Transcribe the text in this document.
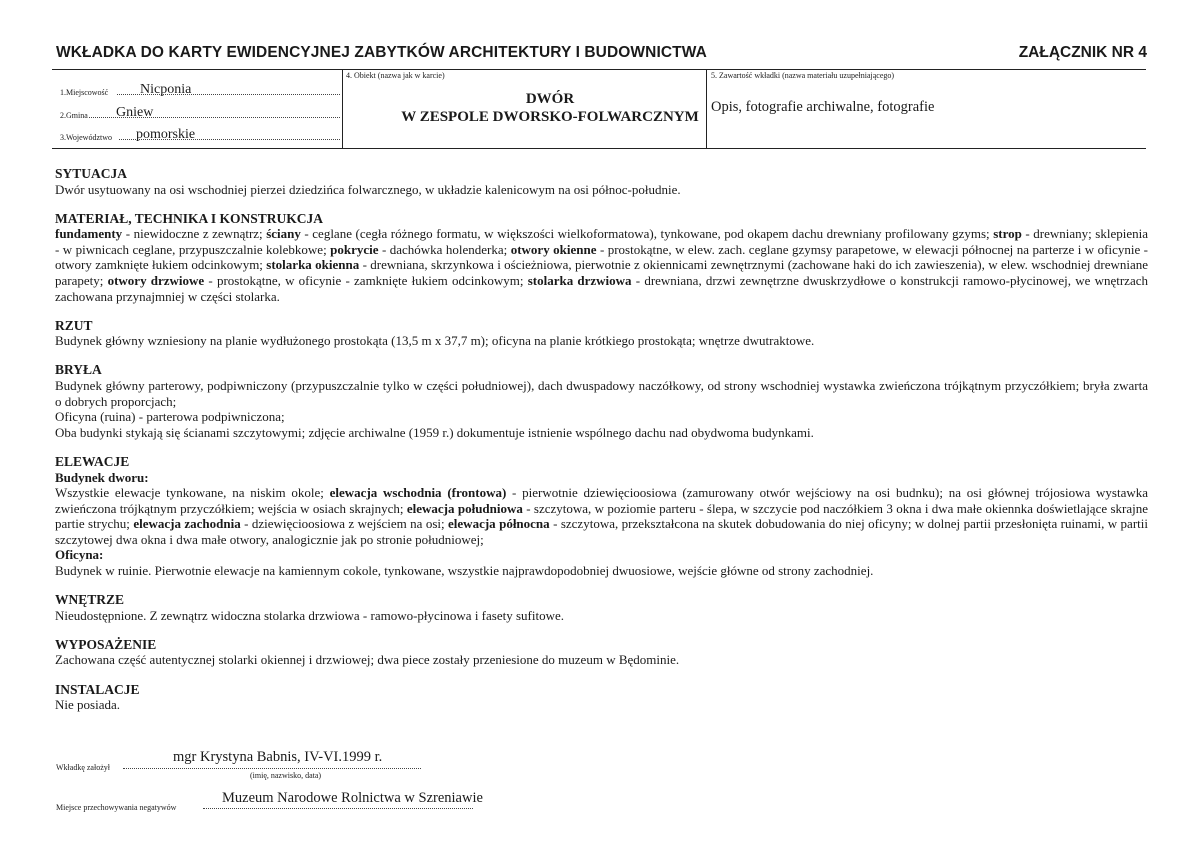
WKŁADKA DO KARTY EWIDENCYJNEJ ZABYTKÓW ARCHITEKTURY I BUDOWNICTWA	ZAŁĄCZNIK NR 4
1.Miejscowość Nicponia
2.Gmina Gniew
3.Województwo pomorskie
4. Obiekt (nazwa jak w karcie)
DWÓR
W ZESPOLE DWORSKO-FOLWARCZNYM
5. Zawartość wkładki (nazwa materiału uzupełniającego)
Opis, fotografie archiwalne, fotografie
SYTUACJA

Dwór usytuowany na osi wschodniej pierzei dziedzińca folwarcznego, w układzie kalenicowym na osi północ-południe.

MATERIAŁ, TECHNIKA I KONSTRUKCJA

fundamenty - niewidoczne z zewnątrz; ściany - ceglane (cegła różnego formatu, w większości wielkoformatowa), tynkowane, pod okapem dachu drewniany profilowany gzyms; strop - drewniany; sklepienia - w piwnicach ceglane, przypuszczalnie kolebkowe; pokrycie - dachówka holenderka; otwory okienne - prostokątne, w elew. zach. ceglane gzymsy parapetowe, w elewacji północnej na parterze i w oficynie - otwory zamknięte łukiem odcinkowym; stolarka okienna - drewniana, skrzynkowa i ościeżniowa, pierwotnie z okiennicami zewnętrznymi (zachowane haki do ich zawieszenia), w elew. wschodniej drewniane parapety; otwory drzwiowe - prostokątne, w oficynie - zamknięte łukiem odcinkowym; stolarka drzwiowa - drewniana, drzwi zewnętrzne dwuskrzydłowe o konstrukcji ramowo-płycinowej, we wnętrzach zachowana przynajmniej w części stolarka.

RZUT

Budynek główny wzniesiony na planie wydłużonego prostokąta (13,5 m x 37,7 m); oficyna na planie krótkiego prostokąta; wnętrze dwutraktowe.

BRYŁA

Budynek główny parterowy, podpiwniczony (przypuszczalnie tylko w części południowej), dach dwuspadowy naczółkowy, od strony wschodniej wystawka zwieńczona trójkątnym przyczółkiem; bryła zwarta o dobrych proporcjach;

Oficyna (ruina) - parterowa podpiwniczona;

Oba budynki stykają się ścianami szczytowymi; zdjęcie archiwalne (1959 r.) dokumentuje istnienie wspólnego dachu nad obydwoma budynkami.

ELEWACJE

Budynek dworu:

Wszystkie elewacje tynkowane, na niskim okole; elewacja wschodnia (frontowa) - pierwotnie dziewięcioosiowa (zamurowany otwór wejściowy na osi budnku); na osi głównej trójosiowa wystawka zwieńczona trójkątnym przyczółkiem; wejścia w osiach skrajnych; elewacja południowa - szczytowa, w poziomie parteru - ślepa, w szczycie pod naczółkiem 3 okna i dwa małe okiennka doświetlające skrajne partie strychu; elewacja zachodnia - dziewięcioosiowa z wejściem na osi; elewacja północna - szczytowa, przekształcona na skutek dobudowania do niej oficyny; w dolnej partii przesłonięta ruinami, w partii szczytowej dwa okna i dwa małe otwory, analogicznie jak po stronie południowej;

Oficyna:

Budynek w ruinie. Pierwotnie elewacje na kamiennym cokole, tynkowane, wszystkie najprawdopodobniej dwuosiowe, wejście główne od strony zachodniej.

WNĘTRZE

Nieudostępnione. Z zewnątrz widoczna stolarka drzwiowa - ramowo-płycinowa i fasety sufitowe.

WYPOSAŻENIE

Zachowana część autentycznej stolarki okiennej i drzwiowej; dwa piece zostały przeniesione do muzeum w Będominie.

INSTALACJE

Nie posiada.

Wkładkę założył
mgr Krystyna Babnis, IV-VI.1999 r.
(imię, nazwisko, data)
Miejsce przechowywania negatywów
Muzeum Narodowe Rolnictwa w Szreniawie
